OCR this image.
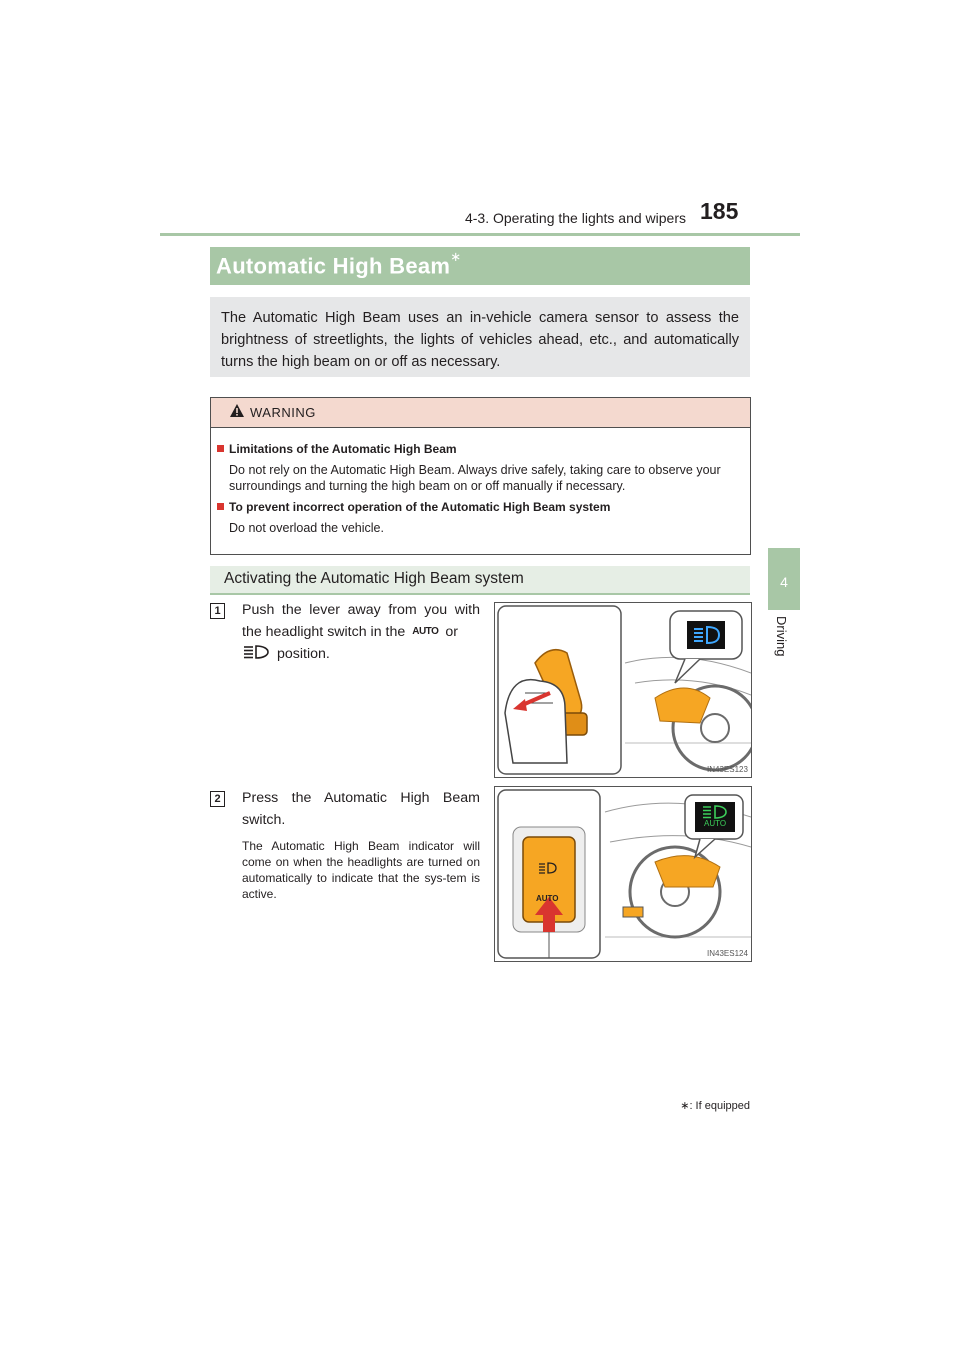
4-3. Operating the lights and wipers 185
4
Driving
Automatic High Beam∗
The Automatic High Beam uses an in-vehicle camera sensor to assess the brightness of streetlights, the lights of vehicles ahead, etc., and automatically turns the high beam on or off as necessary.
WARNING
Limitations of the Automatic High Beam
Do not rely on the Automatic High Beam. Always drive safely, taking care to observe your surroundings and turning the high beam on or off manually if necessary.
To prevent incorrect operation of the Automatic High Beam system
Do not overload the vehicle.
Activating the Automatic High Beam system
1	Push the lever away from you with the headlight switch in the AUTO or
position.
IN43ES123
2	Press the Automatic High Beam switch.
The Automatic High Beam indicator will come on when the headlights are turned on automatically to indicate that the sys-tem is active.	AUTO
AUTO
IN43ES124
∗: If equipped
